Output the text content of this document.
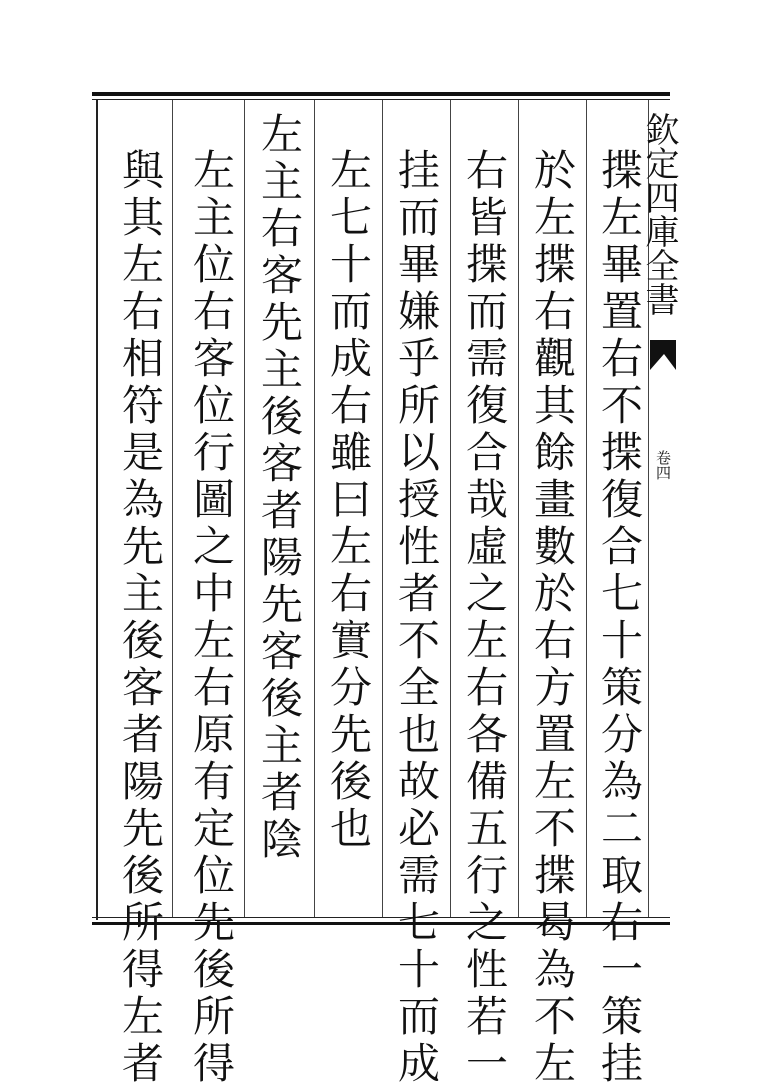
揲左畢置右不揲復合七十策分為二取右一策挂
於左揲右觀其餘畫數於右方置左不揲曷為不左
右皆揲而需復合哉虛之左右各備五行之性若一
挂而畢嫌乎所以授性者不全也故必需七十而成
左七十而成右雖曰左右實分先後也
左主右客先主後客者陽先客後主者陰
左主位右客位行圖之中左右原有定位先後所得
與其左右相符是為先主後客者陽先後所得左者	欽定四庫全書
卷四
